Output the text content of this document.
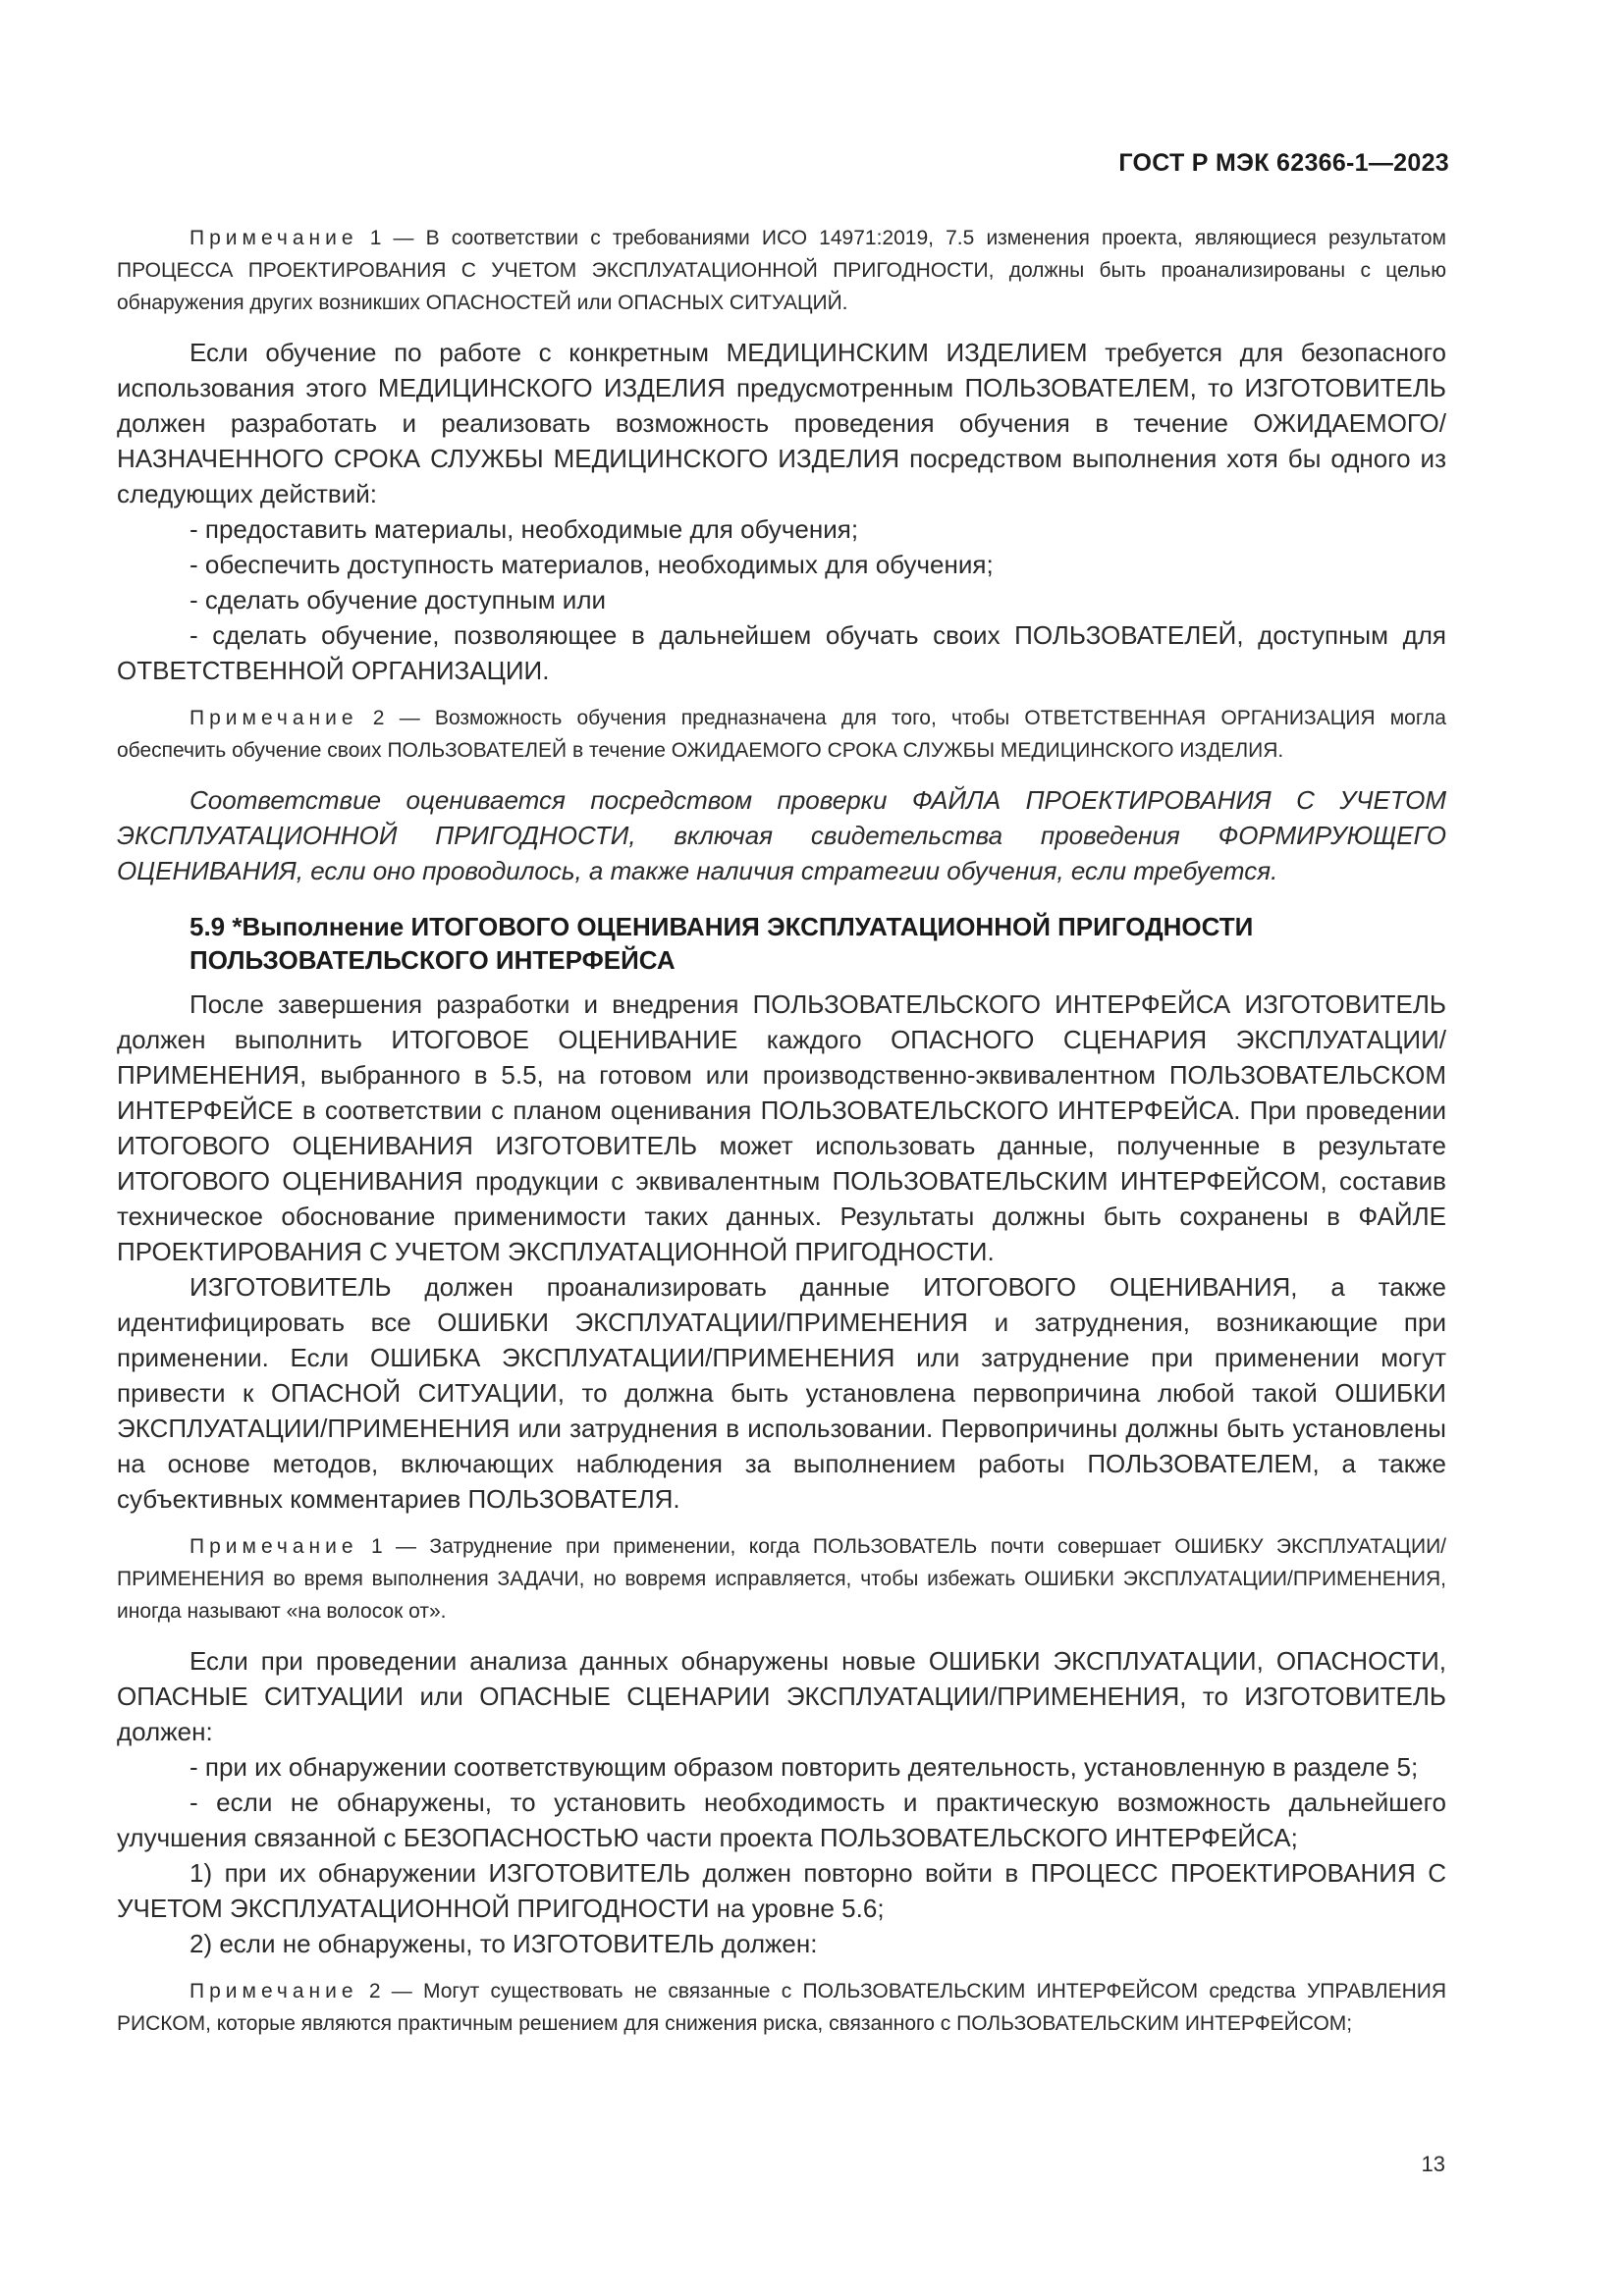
ГОСТ Р МЭК 62366-1—2023

Примечание 1 — В соответствии с требованиями ИСО 14971:2019, 7.5 изменения проекта, являющиеся результатом ПРОЦЕССА ПРОЕКТИРОВАНИЯ С УЧЕТОМ ЭКСПЛУАТАЦИОННОЙ ПРИГОДНОСТИ, должны быть проанализированы с целью обнаружения других возникших ОПАСНОСТЕЙ или ОПАСНЫХ СИТУАЦИЙ.

Если обучение по работе с конкретным МЕДИЦИНСКИМ ИЗДЕЛИЕМ требуется для безопасного использования этого МЕДИЦИНСКОГО ИЗДЕЛИЯ предусмотренным ПОЛЬЗОВАТЕЛЕМ, то ИЗГОТОВИТЕЛЬ должен разработать и реализовать возможность проведения обучения в течение ОЖИДАЕМОГО/НАЗНАЧЕННОГО СРОКА СЛУЖБЫ МЕДИЦИНСКОГО ИЗДЕЛИЯ посредством выполнения хотя бы одного из следующих действий:

- предоставить материалы, необходимые для обучения;

- обеспечить доступность материалов, необходимых для обучения;

- сделать обучение доступным или

- сделать обучение, позволяющее в дальнейшем обучать своих ПОЛЬЗОВАТЕЛЕЙ, доступным для ОТВЕТСТВЕННОЙ ОРГАНИЗАЦИИ.

Примечание 2 — Возможность обучения предназначена для того, чтобы ОТВЕТСТВЕННАЯ ОРГАНИЗАЦИЯ могла обеспечить обучение своих ПОЛЬЗОВАТЕЛЕЙ в течение ОЖИДАЕМОГО СРОКА СЛУЖБЫ МЕДИЦИНСКОГО ИЗДЕЛИЯ.

Соответствие оценивается посредством проверки ФАЙЛА ПРОЕКТИРОВАНИЯ С УЧЕТОМ ЭКСПЛУАТАЦИОННОЙ ПРИГОДНОСТИ, включая свидетельства проведения ФОРМИРУЮЩЕГО ОЦЕНИВАНИЯ, если оно проводилось, а также наличия стратегии обучения, если требуется.

5.9 *Выполнение ИТОГОВОГО ОЦЕНИВАНИЯ ЭКСПЛУАТАЦИОННОЙ ПРИГОДНОСТИ ПОЛЬЗОВАТЕЛЬСКОГО ИНТЕРФЕЙСА

После завершения разработки и внедрения ПОЛЬЗОВАТЕЛЬСКОГО ИНТЕРФЕЙСА ИЗГОТОВИТЕЛЬ должен выполнить ИТОГОВОЕ ОЦЕНИВАНИЕ каждого ОПАСНОГО СЦЕНАРИЯ ЭКСПЛУАТАЦИИ/ПРИМЕНЕНИЯ, выбранного в 5.5, на готовом или производственно-эквивалентном ПОЛЬЗОВАТЕЛЬСКОМ ИНТЕРФЕЙСЕ в соответствии с планом оценивания ПОЛЬЗОВАТЕЛЬСКОГО ИНТЕРФЕЙСА. При проведении ИТОГОВОГО ОЦЕНИВАНИЯ ИЗГОТОВИТЕЛЬ может использовать данные, полученные в результате ИТОГОВОГО ОЦЕНИВАНИЯ продукции с эквивалентным ПОЛЬЗОВАТЕЛЬСКИМ ИНТЕРФЕЙСОМ, составив техническое обоснование применимости таких данных. Результаты должны быть сохранены в ФАЙЛЕ ПРОЕКТИРОВАНИЯ С УЧЕТОМ ЭКСПЛУАТАЦИОННОЙ ПРИГОДНОСТИ.

ИЗГОТОВИТЕЛЬ должен проанализировать данные ИТОГОВОГО ОЦЕНИВАНИЯ, а также идентифицировать все ОШИБКИ ЭКСПЛУАТАЦИИ/ПРИМЕНЕНИЯ и затруднения, возникающие при применении. Если ОШИБКА ЭКСПЛУАТАЦИИ/ПРИМЕНЕНИЯ или затруднение при применении могут привести к ОПАСНОЙ СИТУАЦИИ, то должна быть установлена первопричина любой такой ОШИБКИ ЭКСПЛУАТАЦИИ/ПРИМЕНЕНИЯ или затруднения в использовании. Первопричины должны быть установлены на основе методов, включающих наблюдения за выполнением работы ПОЛЬЗОВАТЕЛЕМ, а также субъективных комментариев ПОЛЬЗОВАТЕЛЯ.

Примечание 1 — Затруднение при применении, когда ПОЛЬЗОВАТЕЛЬ почти совершает ОШИБКУ ЭКСПЛУАТАЦИИ/ПРИМЕНЕНИЯ во время выполнения ЗАДАЧИ, но вовремя исправляется, чтобы избежать ОШИБКИ ЭКСПЛУАТАЦИИ/ПРИМЕНЕНИЯ, иногда называют «на волосок от».

Если при проведении анализа данных обнаружены новые ОШИБКИ ЭКСПЛУАТАЦИИ, ОПАСНОСТИ, ОПАСНЫЕ СИТУАЦИИ или ОПАСНЫЕ СЦЕНАРИИ ЭКСПЛУАТАЦИИ/ПРИМЕНЕНИЯ, то ИЗГОТОВИТЕЛЬ должен:

- при их обнаружении соответствующим образом повторить деятельность, установленную в разделе 5;

- если не обнаружены, то установить необходимость и практическую возможность дальнейшего улучшения связанной с БЕЗОПАСНОСТЬЮ части проекта ПОЛЬЗОВАТЕЛЬСКОГО ИНТЕРФЕЙСА;

1) при их обнаружении ИЗГОТОВИТЕЛЬ должен повторно войти в ПРОЦЕСС ПРОЕКТИРОВАНИЯ С УЧЕТОМ ЭКСПЛУАТАЦИОННОЙ ПРИГОДНОСТИ на уровне 5.6;

2) если не обнаружены, то ИЗГОТОВИТЕЛЬ должен:

Примечание 2 — Могут существовать не связанные с ПОЛЬЗОВАТЕЛЬСКИМ ИНТЕРФЕЙСОМ средства УПРАВЛЕНИЯ РИСКОМ, которые являются практичным решением для снижения риска, связанного с ПОЛЬЗОВАТЕЛЬСКИМ ИНТЕРФЕЙСОМ;

13
